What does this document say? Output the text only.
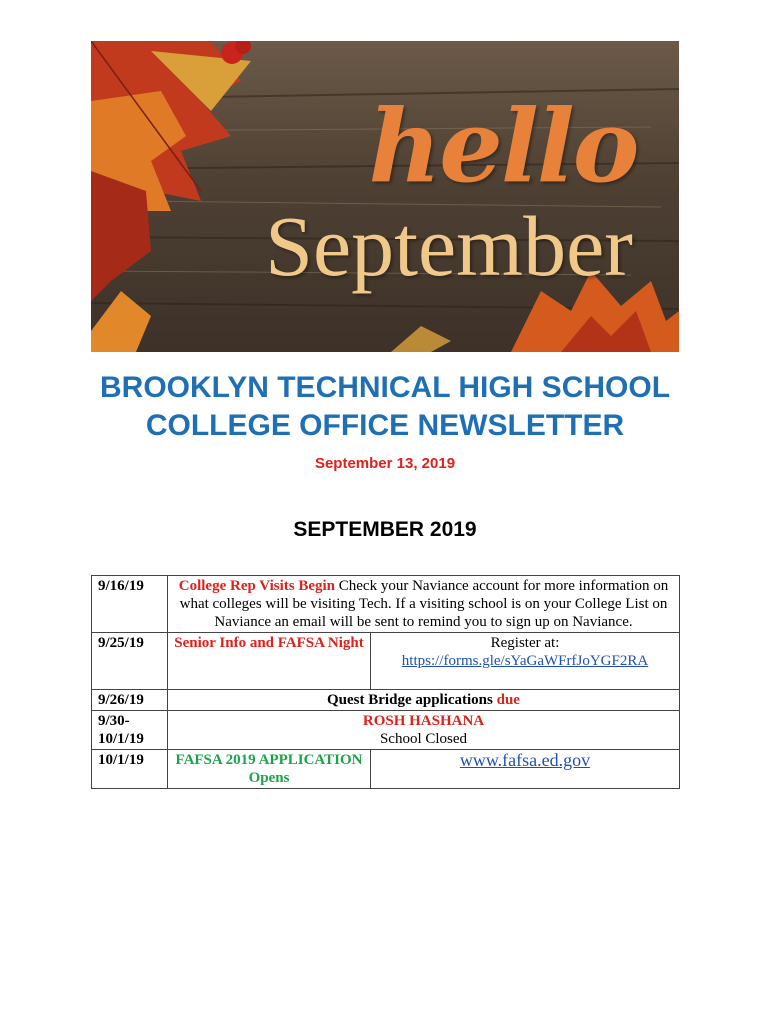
hello
September
BROOKLYN TECHNICAL HIGH SCHOOL
COLLEGE OFFICE NEWSLETTER
September 13, 2019
SEPTEMBER 2019
9/16/19	College Rep Visits Begin Check your Naviance account for more information on what colleges will be visiting Tech. If a visiting school is on your College List on Naviance an email will be sent to remind you to sign up on Naviance.	
9/25/19	Senior Info and FAFSA Night	Register at:
https://forms.gle/sYaGaWFrfJoYGF2RA

9/26/19	Quest Bridge applications due	
9/30-10/1/19	ROSH HASHANA
School Closed	

10/1/19	FAFSA 2019 APPLICATION Opens	www.fafsa.ed.gov
